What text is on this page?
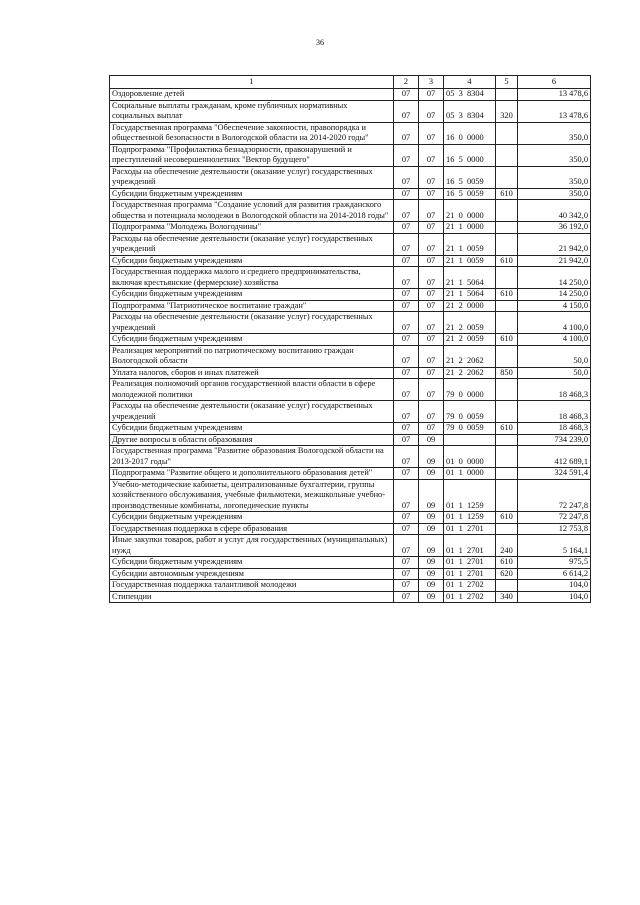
36
1	2	3	4	5	6
Оздоровление детей	07	07	05  3  8304		13 478,6
Социальные выплаты гражданам, кроме публичных нормативных социальных выплат	07	07	05  3  8304	320	13 478,6
Государственная программа "Обеспечение законности, правопорядка и общественной безопасности в Вологодской области на 2014-2020 годы"	07	07	16  0  0000		350,0
Подпрограмма "Профилактика безнадзорности, правонарушений и преступлений несовершеннолетних "Вектор будущего"	07	07	16  5  0000		350,0
Расходы на обеспечение деятельности (оказание услуг) государственных учреждений	07	07	16  5  0059		350,0
Субсидии бюджетным учреждениям	07	07	16  5  0059	610	350,0
Государственная программа "Создание условий для развития гражданского общества и потенциала молодежи в Вологодской области на 2014-2018 годы"	07	07	21  0  0000		40 342,0
Подпрограмма "Молодежь Вологодчины"	07	07	21  1  0000		36 192,0
Расходы на обеспечение деятельности (оказание услуг) государственных учреждений	07	07	21  1  0059		21 942,0
Субсидии бюджетным учреждениям	07	07	21  1  0059	610	21 942,0
Государственная поддержка малого и среднего предпринимательства, включая крестьянские (фермерские) хозяйства	07	07	21  1  5064		14 250,0
Субсидии бюджетным учреждениям	07	07	21  1  5064	610	14 250,0
Подпрограмма "Патриотическое воспитание граждан"	07	07	21  2  0000		4 150,0
Расходы на обеспечение деятельности (оказание услуг) государственных учреждений	07	07	21  2  0059		4 100,0
Субсидии бюджетным учреждениям	07	07	21  2  0059	610	4 100,0
Реализация мероприятий по патриотическому воспитанию граждан Вологодской области	07	07	21  2  2062		50,0
Уплата налогов, сборов и иных платежей	07	07	21  2  2062	850	50,0
Реализация полномочий органов государственной власти области в сфере молодежной политики	07	07	79  0  0000		18 468,3
Расходы на обеспечение деятельности (оказание услуг) государственных учреждений	07	07	79  0  0059		18 468,3
Субсидии бюджетным учреждениям	07	07	79  0  0059	610	18 468,3
Другие вопросы в области образования	07	09			734 239,0
Государственная программа "Развитие образования Вологодской области на 2013-2017 годы"	07	09	01  0  0000		412 689,1
Подпрограмма "Развитие общего и дополнительного образования детей"	07	09	01  1  0000		324 591,4
Учебно-методические кабинеты, централизованные бухгалтерии, группы хозяйственного обслуживания, учебные фильмотеки, межшкольные учебно-производственные комбинаты, логопедические пункты	07	09	01  1  1259		72 247,8
Субсидии бюджетным учреждениям	07	09	01  1  1259	610	72 247,8
Государственная поддержка в сфере образования	07	09	01  1  2701		12 753,8
Иные закупки товаров, работ и услуг для государственных (муниципальных) нужд	07	09	01  1  2701	240	5 164,1
Субсидии бюджетным учреждениям	07	09	01  1  2701	610	975,5
Субсидии автономным учреждениям	07	09	01  1  2701	620	6 614,2
Государственная поддержка талантливой молодежи	07	09	01  1  2702		104,0
Стипендии	07	09	01  1  2702	340	104,0
